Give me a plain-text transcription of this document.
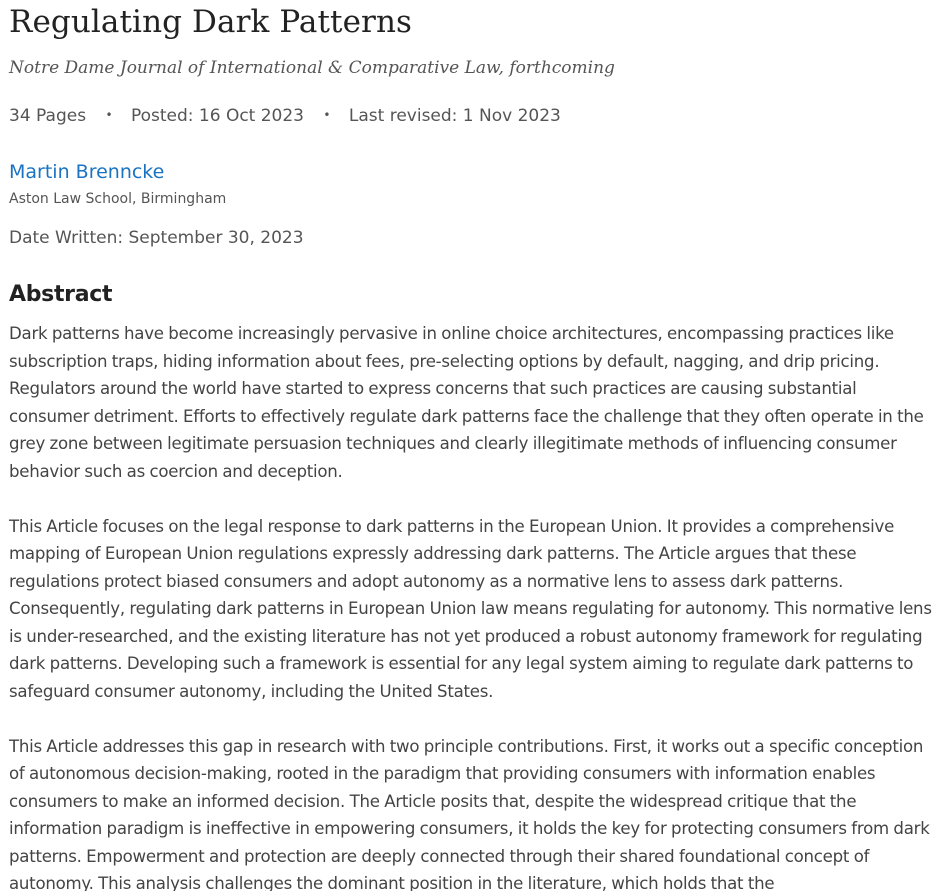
Regulating Dark Patterns
Notre Dame Journal of International & Comparative Law, forthcoming
34 Pages • Posted: 16 Oct 2023 • Last revised: 1 Nov 2023
Martin Brenncke
Aston Law School, Birmingham
Date Written: September 30, 2023
Abstract

Dark patterns have become increasingly pervasive in online choice architectures, encompassing practices like subscription traps, hiding information about fees, pre-selecting options by default, nagging, and drip pricing. Regulators around the world have started to express concerns that such practices are causing substantial consumer detriment. Efforts to effectively regulate dark patterns face the challenge that they often operate in the grey zone between legitimate persuasion techniques and clearly illegitimate methods of influencing consumer behavior such as coercion and deception.

This Article focuses on the legal response to dark patterns in the European Union. It provides a comprehensive mapping of European Union regulations expressly addressing dark patterns. The Article argues that these regulations protect biased consumers and adopt autonomy as a normative lens to assess dark patterns. Consequently, regulating dark patterns in European Union law means regulating for autonomy. This normative lens is under-researched, and the existing literature has not yet produced a robust autonomy framework for regulating dark patterns. Developing such a framework is essential for any legal system aiming to regulate dark patterns to safeguard consumer autonomy, including the United States.

This Article addresses this gap in research with two principle contributions. First, it works out a specific conception of autonomous decision-making, rooted in the paradigm that providing consumers with information enables consumers to make an informed decision. The Article posits that, despite the widespread critique that the information paradigm is ineffective in empowering consumers, it holds the key for protecting consumers from dark patterns. Empowerment and protection are deeply connected through their shared foundational concept of autonomy. This analysis challenges the dominant position in the literature, which holds that the
